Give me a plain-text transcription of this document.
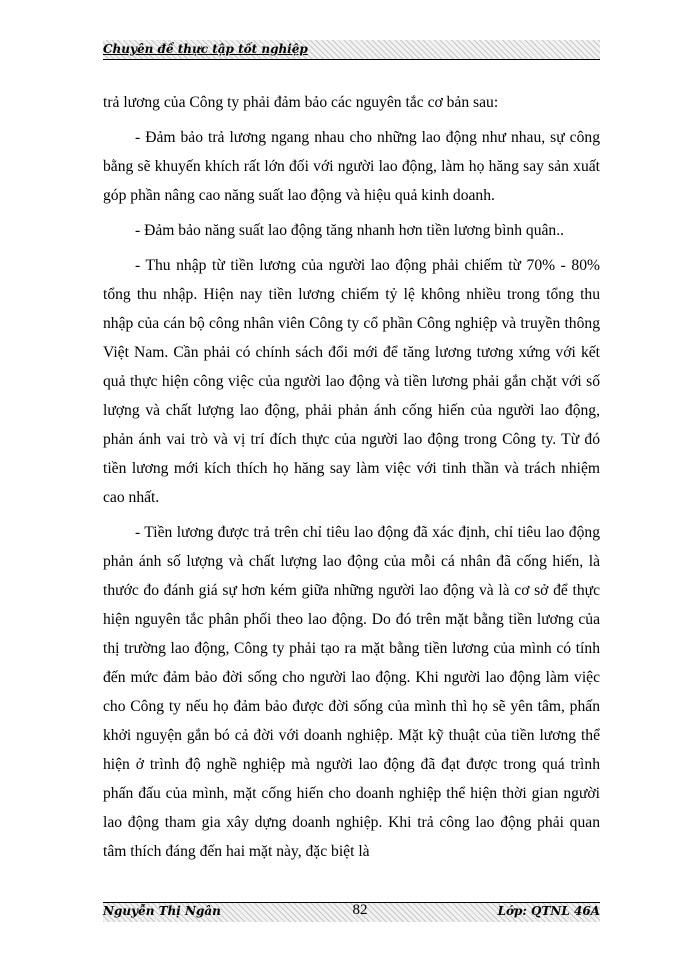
Chuyên đề thực tập tốt nghiệp

trả lương của Công ty phải đảm bảo các nguyên tắc cơ bản sau:

- Đảm bảo trả lương ngang nhau cho những lao động như nhau, sự công bằng sẽ khuyến khích rất lớn đối với người lao động, làm họ hăng say sản xuất góp phần nâng cao năng suất lao động và hiệu quả kinh doanh.

- Đảm bảo năng suất lao động tăng nhanh hơn tiền lương bình quân..

- Thu nhập từ tiền lương của người lao động phải chiếm từ 70% - 80% tổng thu nhập. Hiện nay tiền lương chiếm tỷ lệ không nhiều trong tổng thu nhập của cán bộ công nhân viên Công ty cổ phần Công nghiệp và truyền thông Việt Nam. Cần phải có chính sách đổi mới để tăng lương tương xứng với kết quả thực hiện công việc của người lao động và tiền lương phải gắn chặt với số lượng và chất lượng lao động, phải phản ánh cống hiến của người lao động, phản ánh vai trò và vị trí đích thực của người lao động trong Công ty. Từ đó tiền lương mới kích thích họ hăng say làm việc với tinh thần và trách nhiệm cao nhất.

- Tiền lương được trả trên chỉ tiêu lao động đã xác định, chỉ tiêu lao động phản ánh số lượng và chất lượng lao động của mỗi cá nhân đã cống hiến, là thước đo đánh giá sự hơn kém giữa những người lao động và là cơ sở để thực hiện nguyên tắc phân phối theo lao động. Do đó trên mặt bằng tiền lương của thị trường lao động, Công ty phải tạo ra mặt bằng tiền lương của mình có tính đến mức đảm bảo đời sống cho người lao động. Khi người lao động làm việc cho Công ty nếu họ đảm bảo được đời sống của mình thì họ sẽ yên tâm, phấn khởi nguyện gắn bó cả đời với doanh nghiệp. Mặt kỹ thuật của tiền lương thể hiện ở trình độ nghề nghiệp mà người lao động đã đạt được trong quá trình phấn đấu của mình, mặt cống hiến cho doanh nghiệp thể hiện thời gian người lao động tham gia xây dựng doanh nghiệp. Khi trả công lao động phải quan tâm thích đáng đến hai mặt này, đặc biệt là

Nguyễn Thị Ngân	82	Lớp: QTNL 46A
